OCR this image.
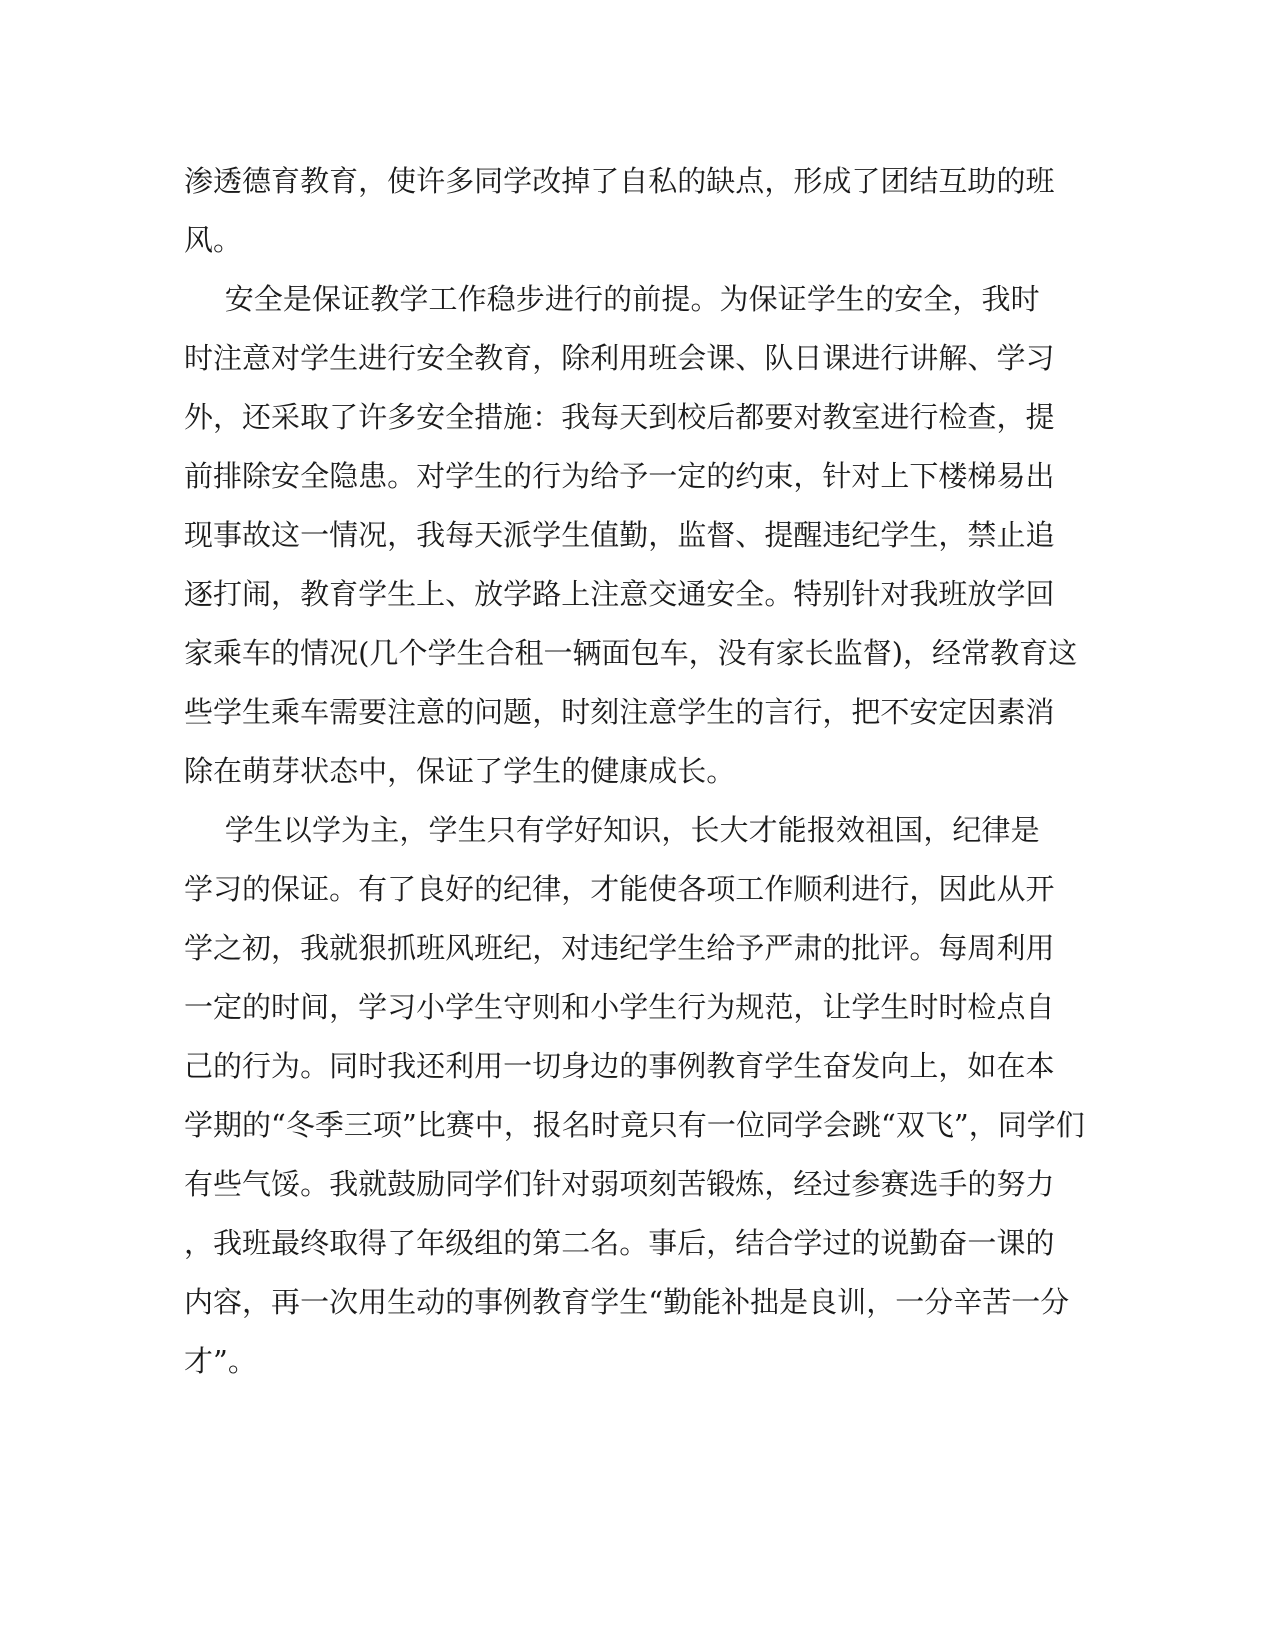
渗 透 德 育 教 育 ， 使 许 多 同 学 改 掉 了 自 私 的 缺 点 ， 形 成 了 团 结 互 助 的 班
风 。
安 全 是 保 证 教 学 工 作 稳 步 进 行 的 前 提 。 为 保 证 学 生 的 安 全 ， 我 时
时 注 意 对 学 生 进 行 安 全 教 育 ， 除 利 用 班 会 课 、 队 日 课 进 行 讲 解 、 学 习
外 ， 还 采 取 了 许 多 安 全 措 施 ： 我 每 天 到 校 后 都 要 对 教 室 进 行 检 查 ， 提
前 排 除 安 全 隐 患 。 对 学 生 的 行 为 给 予 一 定 的 约 束 ， 针 对 上 下 楼 梯 易 出
现 事 故 这 一 情 况 ， 我 每 天 派 学 生 值 勤 ， 监 督 、 提 醒 违 纪 学 生 ， 禁 止 追
逐 打 闹 ， 教 育 学 生 上 、 放 学 路 上 注 意 交 通 安 全 。 特 别 针 对 我 班 放 学 回
家 乘 车 的 情 况 ( 几 个 学 生 合 租 一 辆 面 包 车 ， 没 有 家 长 监 督 ) ， 经 常 教 育 这
些 学 生 乘 车 需 要 注 意 的 问 题 ， 时 刻 注 意 学 生 的 言 行 ， 把 不 安 定 因 素 消
除 在 萌 芽 状 态 中 ， 保 证 了 学 生 的 健 康 成 长 。
学 生 以 学 为 主 ， 学 生 只 有 学 好 知 识 ， 长 大 才 能 报 效 祖 国 ， 纪 律 是
学 习 的 保 证 。 有 了 良 好 的 纪 律 ， 才 能 使 各 项 工 作 顺 利 进 行 ， 因 此 从 开
学 之 初 ， 我 就 狠 抓 班 风 班 纪 ， 对 违 纪 学 生 给 予 严 肃 的 批 评 。 每 周 利 用
一 定 的 时 间 ， 学 习 小 学 生 守 则 和 小 学 生 行 为 规 范 ， 让 学 生 时 时 检 点 自
己 的 行 为 。 同 时 我 还 利 用 一 切 身 边 的 事 例 教 育 学 生 奋 发 向 上 ， 如 在 本
学 期 的 “ 冬 季 三 项 ” 比 赛 中 ， 报 名 时 竟 只 有 一 位 同 学 会 跳 “ 双 飞 ” ， 同 学 们
有 些 气 馁 。 我 就 鼓 励 同 学 们 针 对 弱 项 刻 苦 锻 炼 ， 经 过 参 赛 选 手 的 努 力
， 我 班 最 终 取 得 了 年 级 组 的 第 二 名 。 事 后 ， 结 合 学 过 的 说 勤 奋 一 课 的
内 容 ， 再 一 次 用 生 动 的 事 例 教 育 学 生 “ 勤 能 补 拙 是 良 训 ， 一 分 辛 苦 一 分
才 ” 。
